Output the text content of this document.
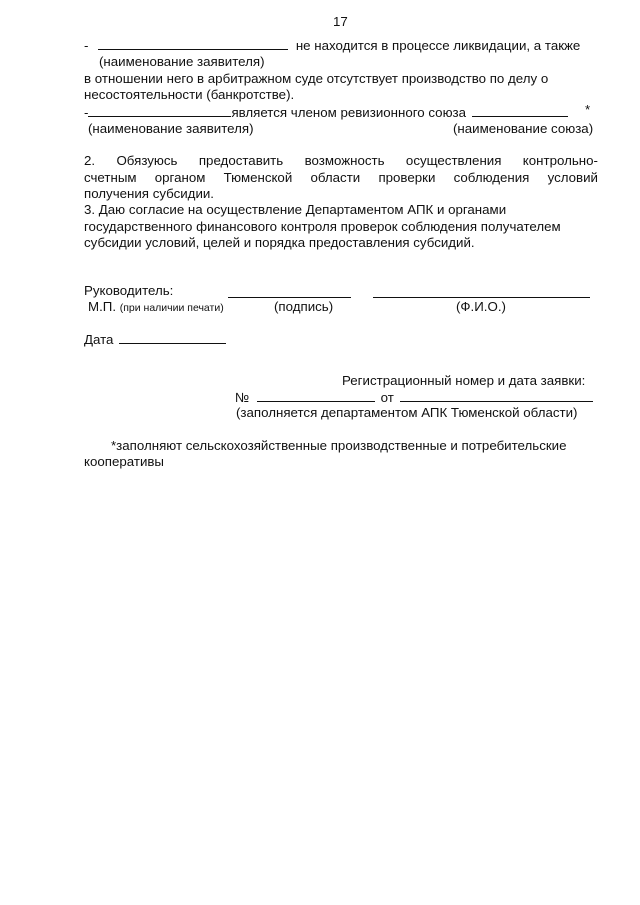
17
-	не находится в процессе ликвидации, а также
(наименование заявителя)
в отношении него в арбитражном суде отсутствует производство по делу о
несостоятельности (банкротстве).
-	является членом ревизионного союза	*
(наименование заявителя)	(наименование союза)
2. Обязуюсь предоставить возможность осуществления контрольно-
счетным органом Тюменской области проверки соблюдения условий
получения субсидии.
3. Даю согласие на осуществление Департаментом АПК и органами
государственного финансового контроля проверок соблюдения получателем
субсидии условий, целей и порядка предоставления субсидий.
Руководитель:
М.П. (при наличии печати)	(подпись)	(Ф.И.О.)
Дата
Регистрационный номер и дата заявки:
№	от
(заполняется департаментом АПК Тюменской области)
*заполняют сельскохозяйственные производственные и потребительские
кооперативы
